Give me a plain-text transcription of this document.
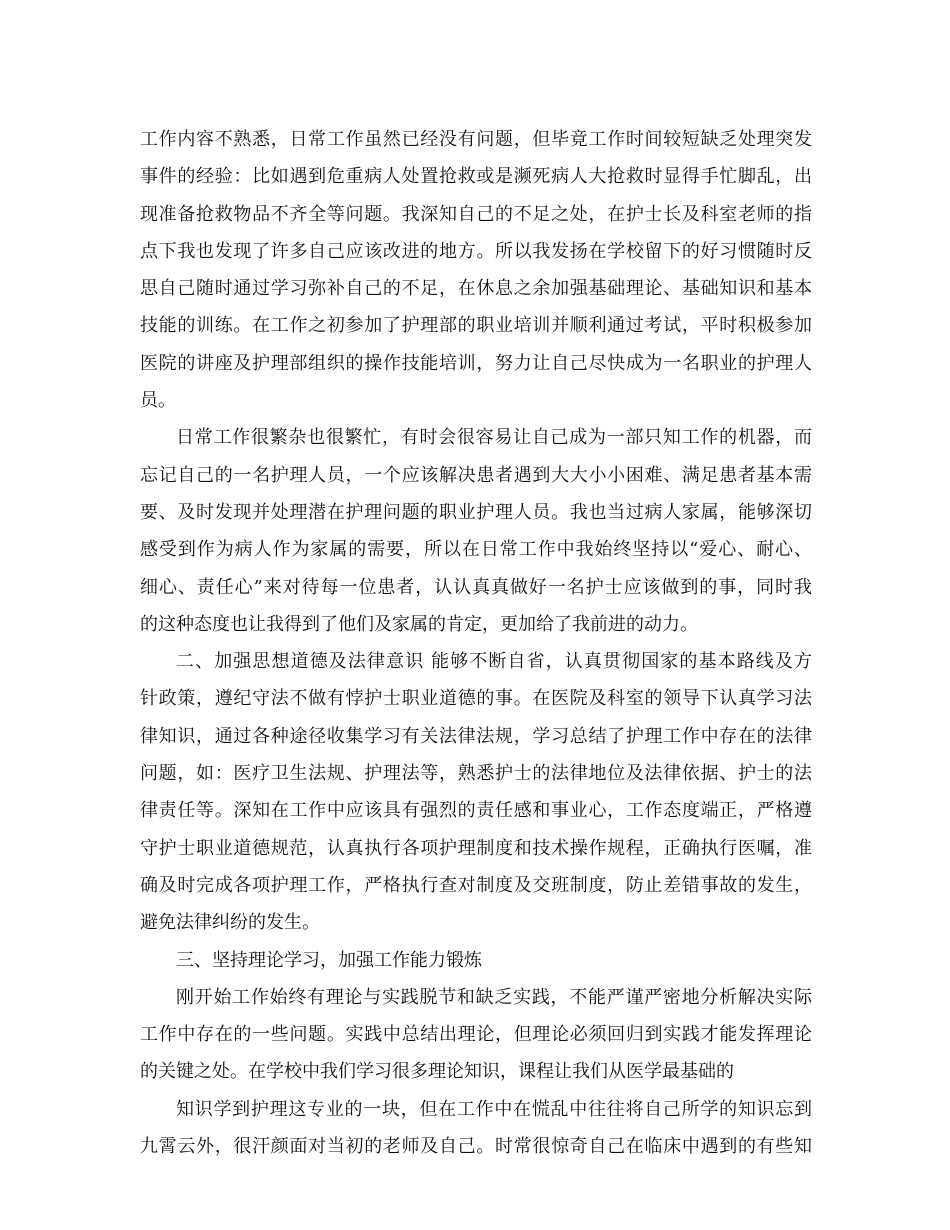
工作内容不熟悉，日常工作虽然已经没有问题，但毕竟工作时间较短缺乏处理突发
事件的经验：比如遇到危重病人处置抢救或是濒死病人大抢救时显得手忙脚乱，出
现准备抢救物品不齐全等问题。我深知自己的不足之处，在护士长及科室老师的指
点下我也发现了许多自己应该改进的地方。所以我发扬在学校留下的好习惯随时反
思自己随时通过学习弥补自己的不足，在休息之余加强基础理论、基础知识和基本
技能的训练。在工作之初参加了护理部的职业培训并顺利通过考试，平时积极参加
医院的讲座及护理部组织的操作技能培训，努力让自己尽快成为一名职业的护理人
员。
日常工作很繁杂也很繁忙，有时会很容易让自己成为一部只知工作的机器，而
忘记自己的一名护理人员，一个应该解决患者遇到大大小小困难、满足患者基本需
要、及时发现并处理潜在护理问题的职业护理人员。我也当过病人家属，能够深切
感受到作为病人作为家属的需要，所以在日常工作中我始终坚持以“爱心、耐心、
细心、责任心”来对待每一位患者，认认真真做好一名护士应该做到的事，同时我
的这种态度也让我得到了他们及家属的肯定，更加给了我前进的动力。
二、加强思想道德及法律意识 能够不断自省，认真贯彻国家的基本路线及方
针政策，遵纪守法不做有悖护士职业道德的事。在医院及科室的领导下认真学习法
律知识，通过各种途径收集学习有关法律法规，学习总结了护理工作中存在的法律
问题，如：医疗卫生法规、护理法等，熟悉护士的法律地位及法律依据、护士的法
律责任等。深知在工作中应该具有强烈的责任感和事业心，工作态度端正，严格遵
守护士职业道德规范，认真执行各项护理制度和技术操作规程，正确执行医嘱，准
确及时完成各项护理工作，严格执行查对制度及交班制度，防止差错事故的发生，
避免法律纠纷的发生。
三、坚持理论学习，加强工作能力锻炼
刚开始工作始终有理论与实践脱节和缺乏实践，不能严谨严密地分析解决实际
工作中存在的一些问题。实践中总结出理论，但理论必须回归到实践才能发挥理论
的关键之处。在学校中我们学习很多理论知识，课程让我们从医学最基础的
知识学到护理这专业的一块，但在工作中在慌乱中往往将自己所学的知识忘到
九霄云外，很汗颜面对当初的老师及自己。时常很惊奇自己在临床中遇到的有些知
